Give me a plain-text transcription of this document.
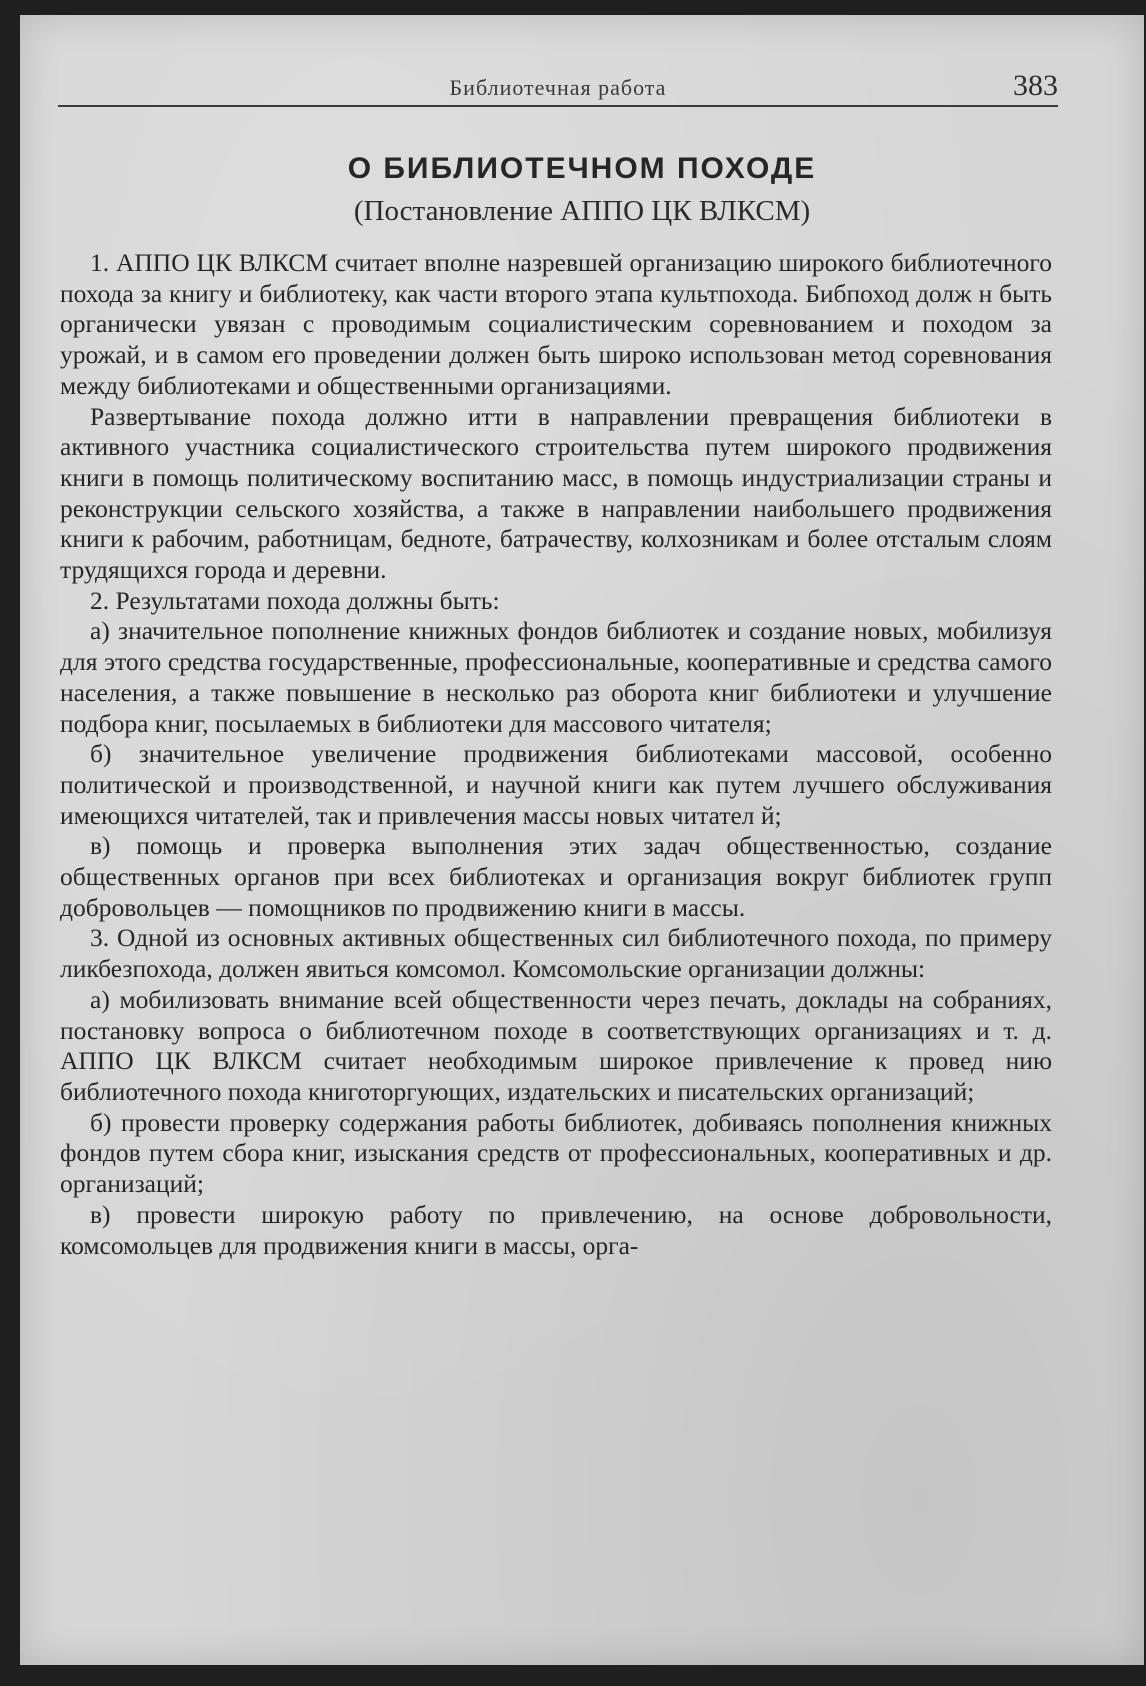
Библиотечная работа	383
О БИБЛИОТЕЧНОМ ПОХОДЕ
(Постановление АППО ЦК ВЛКСМ)

1. АППО ЦК ВЛКСМ считает вполне назревшей организацию широкого библиотечного похода за книгу и библиотеку, как части второго этапа культпохода. Бибпоход долж н быть органически увязан с проводимым социалистическим соревнованием и походом за урожай, и в самом его проведении должен быть широко использован метод соревнования между библиотеками и общественными организациями.

Развертывание похода должно итти в направлении превращения библиотеки в активного участника социалистического строительства путем широкого продвижения книги в помощь политическому воспитанию масс, в помощь индустриализации страны и реконструкции сельского хозяйства, а также в направлении наибольшего продвижения книги к рабочим, работницам, бедноте, батрачеству, колхозникам и более отсталым слоям трудящихся города и деревни.

2. Результатами похода должны быть:

а) значительное пополнение книжных фондов библиотек и создание новых, мобилизуя для этого средства государственные, профессиональные, кооперативные и средства самого населения, а также повышение в несколько раз оборота книг библиотеки и улучшение подбора книг, посылаемых в библиотеки для массового читателя;

б) значительное увеличение продвижения библиотеками массовой, особенно политической и производственной, и научной книги как путем лучшего обслуживания имеющихся читателей, так и привлечения массы новых читател й;

в) помощь и проверка выполнения этих задач общественностью, создание общественных органов при всех библиотеках и организация вокруг библиотек групп добровольцев — помощников по продвижению книги в массы.

3. Одной из основных активных общественных сил библиотечного похода, по примеру ликбезпохода, должен явиться комсомол. Комсомольские организации должны:

а) мобилизовать внимание всей общественности через печать, доклады на собраниях, постановку вопроса о библиотечном походе в соответствующих организациях и т. д. АППО ЦК ВЛКСМ считает необходимым широкое привлечение к провед нию библиотечного похода книготоргующих, издательских и писательских организаций;

б) провести проверку содержания работы библиотек, добиваясь пополнения книжных фондов путем сбора книг, изыскания средств от профессиональных, кооперативных и др. организаций;

в) провести широкую работу по привлечению, на основе добровольности, комсомольцев для продвижения книги в массы, орга-
